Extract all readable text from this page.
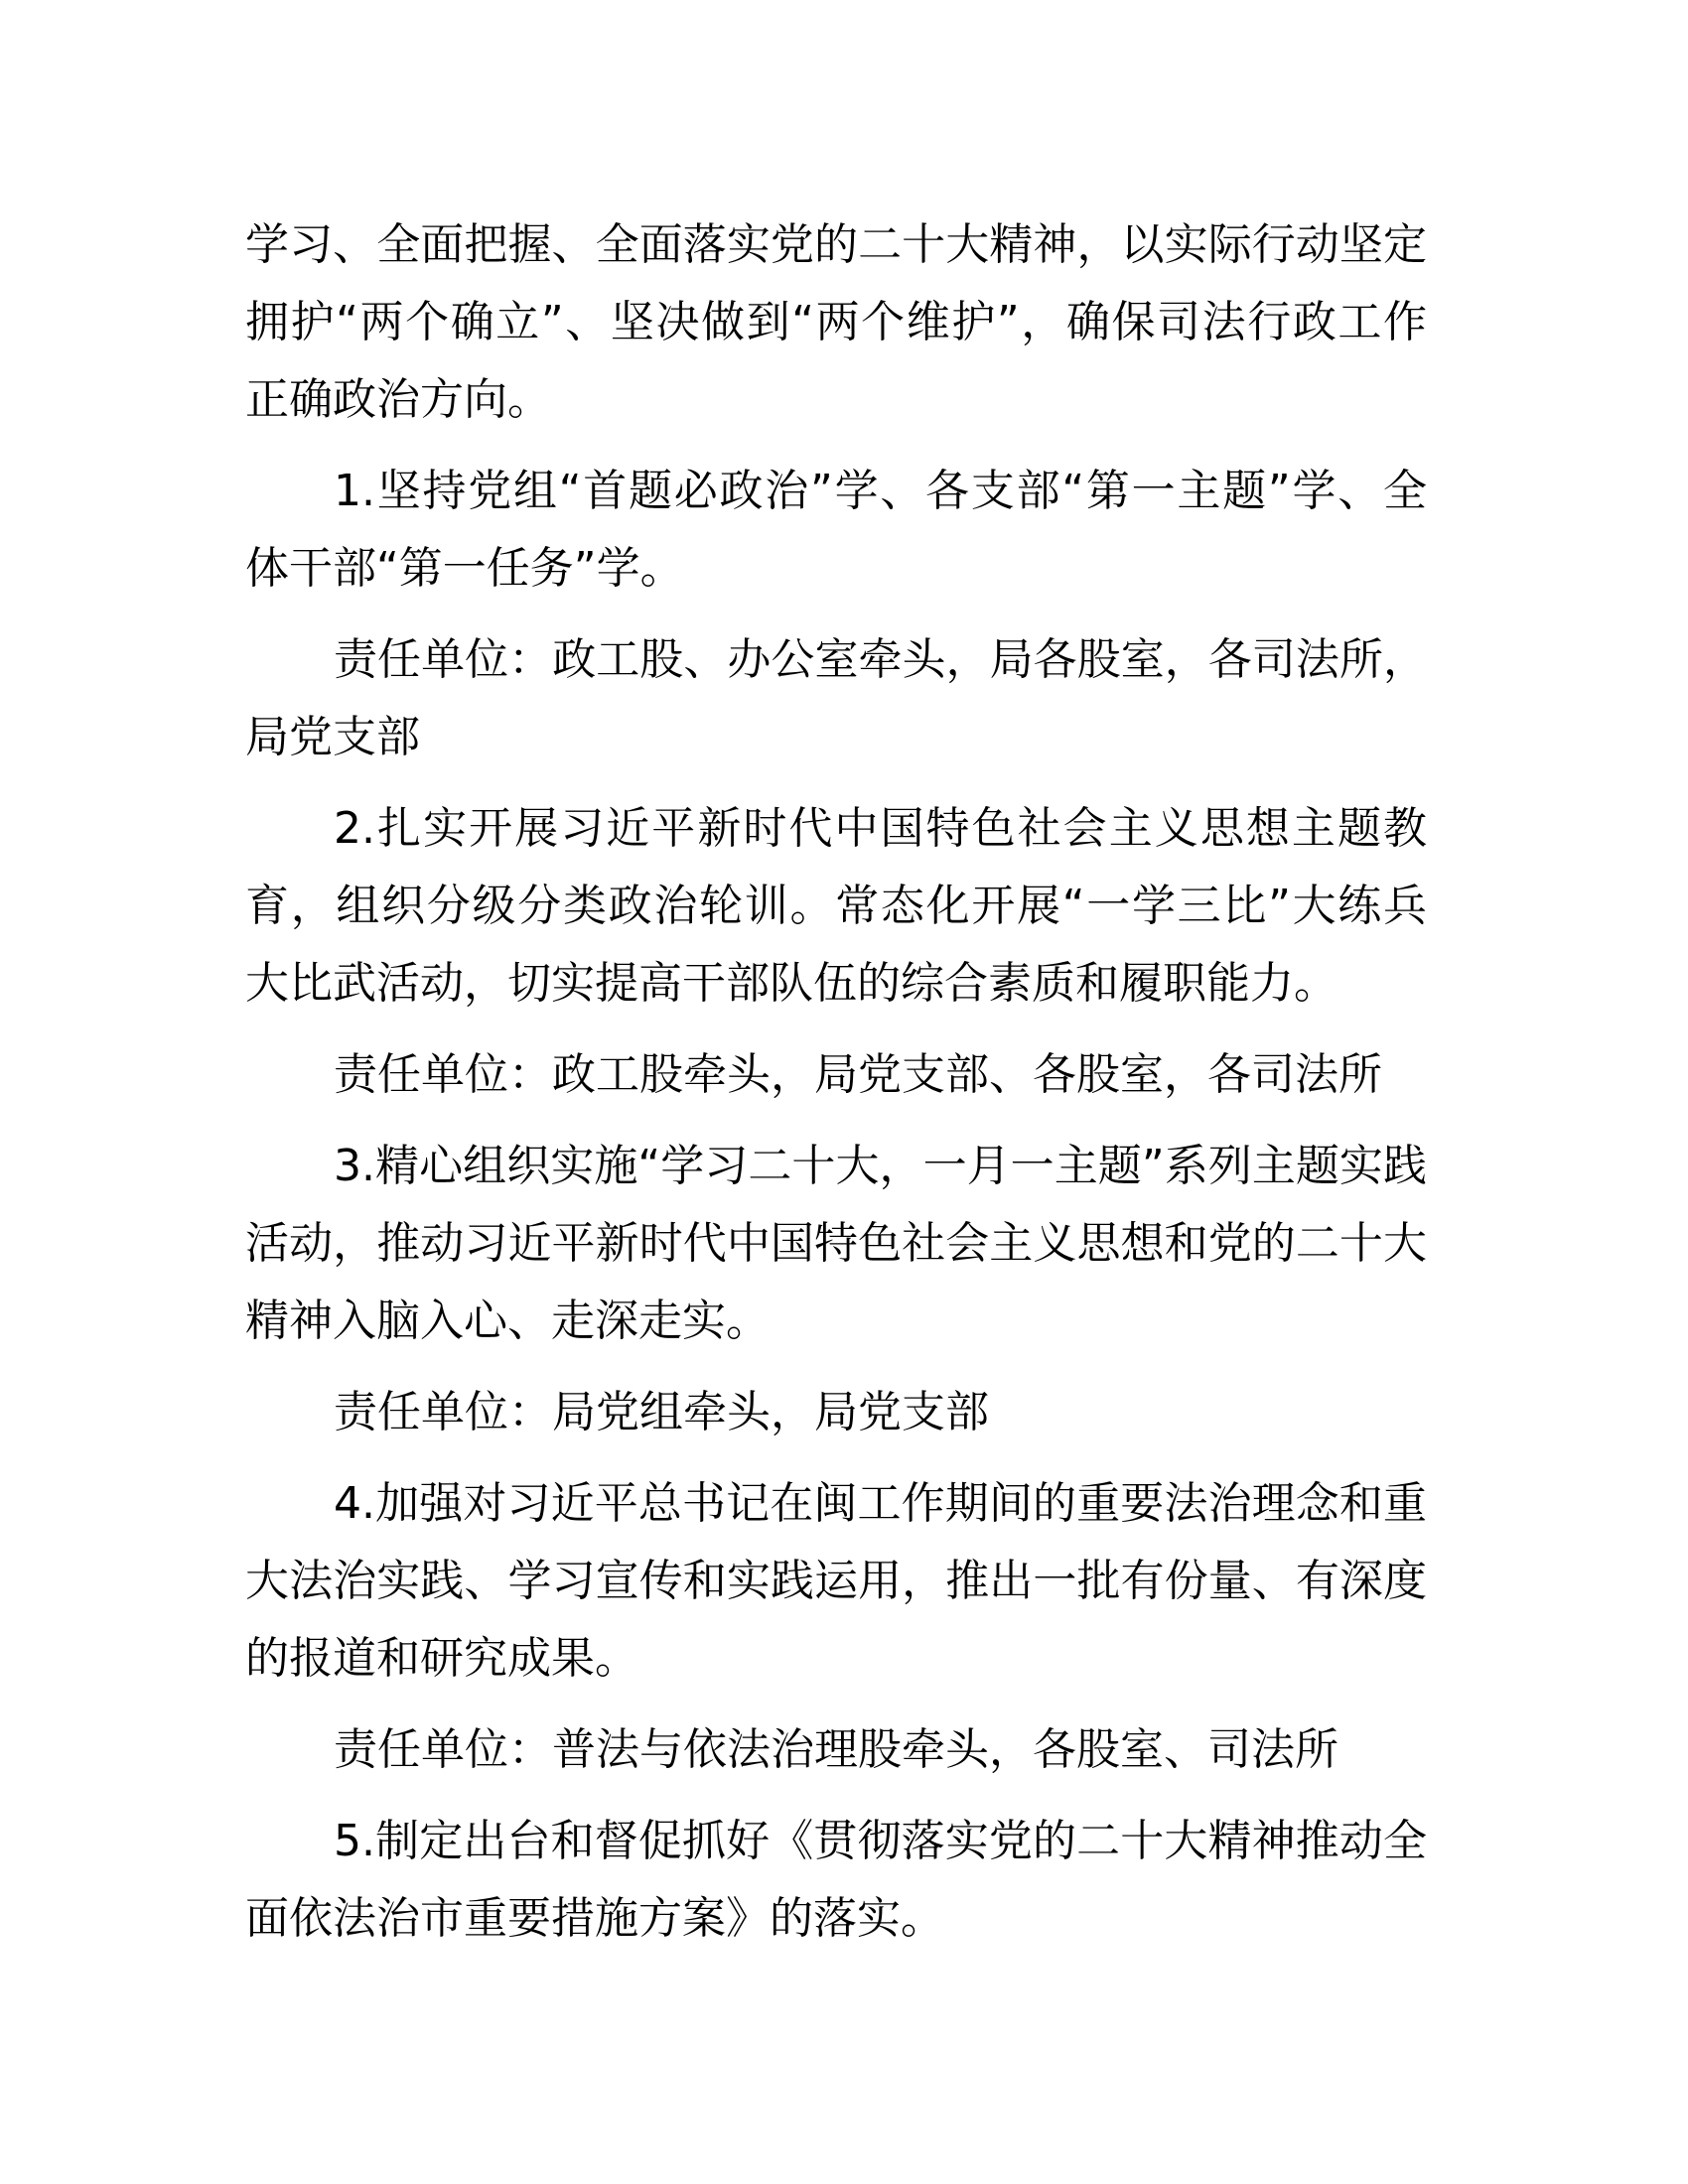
学习、全面把握、全面落实党的二十大精神，以实际行动坚定
拥护“两个确立”、坚决做到“两个维护”，确保司法行政工作
正确政治方向。

1.坚持党组“首题必政治”学、各支部“第一主题”学、全
体干部“第一任务”学。

责任单位：政工股、办公室牵头，局各股室，各司法所，
局党支部

2.扎实开展习近平新时代中国特色社会主义思想主题教
育，组织分级分类政治轮训。常态化开展“一学三比”大练兵
大比武活动，切实提高干部队伍的综合素质和履职能力。

责任单位：政工股牵头，局党支部、各股室，各司法所

3.精心组织实施“学习二十大，一月一主题”系列主题实践
活动，推动习近平新时代中国特色社会主义思想和党的二十大
精神入脑入心、走深走实。

责任单位：局党组牵头，局党支部

4.加强对习近平总书记在闽工作期间的重要法治理念和重
大法治实践、学习宣传和实践运用，推出一批有份量、有深度
的报道和研究成果。

责任单位：普法与依法治理股牵头，各股室、司法所

5.制定出台和督促抓好《贯彻落实党的二十大精神推动全
面依法治市重要措施方案》的落实。
